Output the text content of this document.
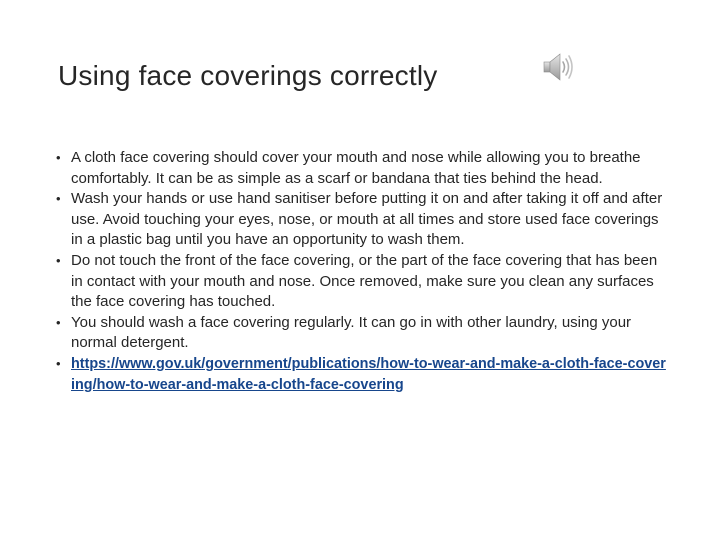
Using face coverings correctly
• A cloth face covering should cover your mouth and nose while allowing you to breathe comfortably. It can be as simple as a scarf or bandana that ties behind the head.
• Wash your hands or use hand sanitiser before putting it on and after taking it off and after use. Avoid touching your eyes, nose, or mouth at all times and store used face coverings in a plastic bag until you have an opportunity to wash them.
• Do not touch the front of the face covering, or the part of the face covering that has been in contact with your mouth and nose. Once removed, make sure you clean any surfaces the face covering has touched.
• You should wash a face covering regularly. It can go in with other laundry, using your normal detergent.
• https://www.gov.uk/government/publications/how-to-wear-and-make-a-cloth-face-covering/how-to-wear-and-make-a-cloth-face-covering
